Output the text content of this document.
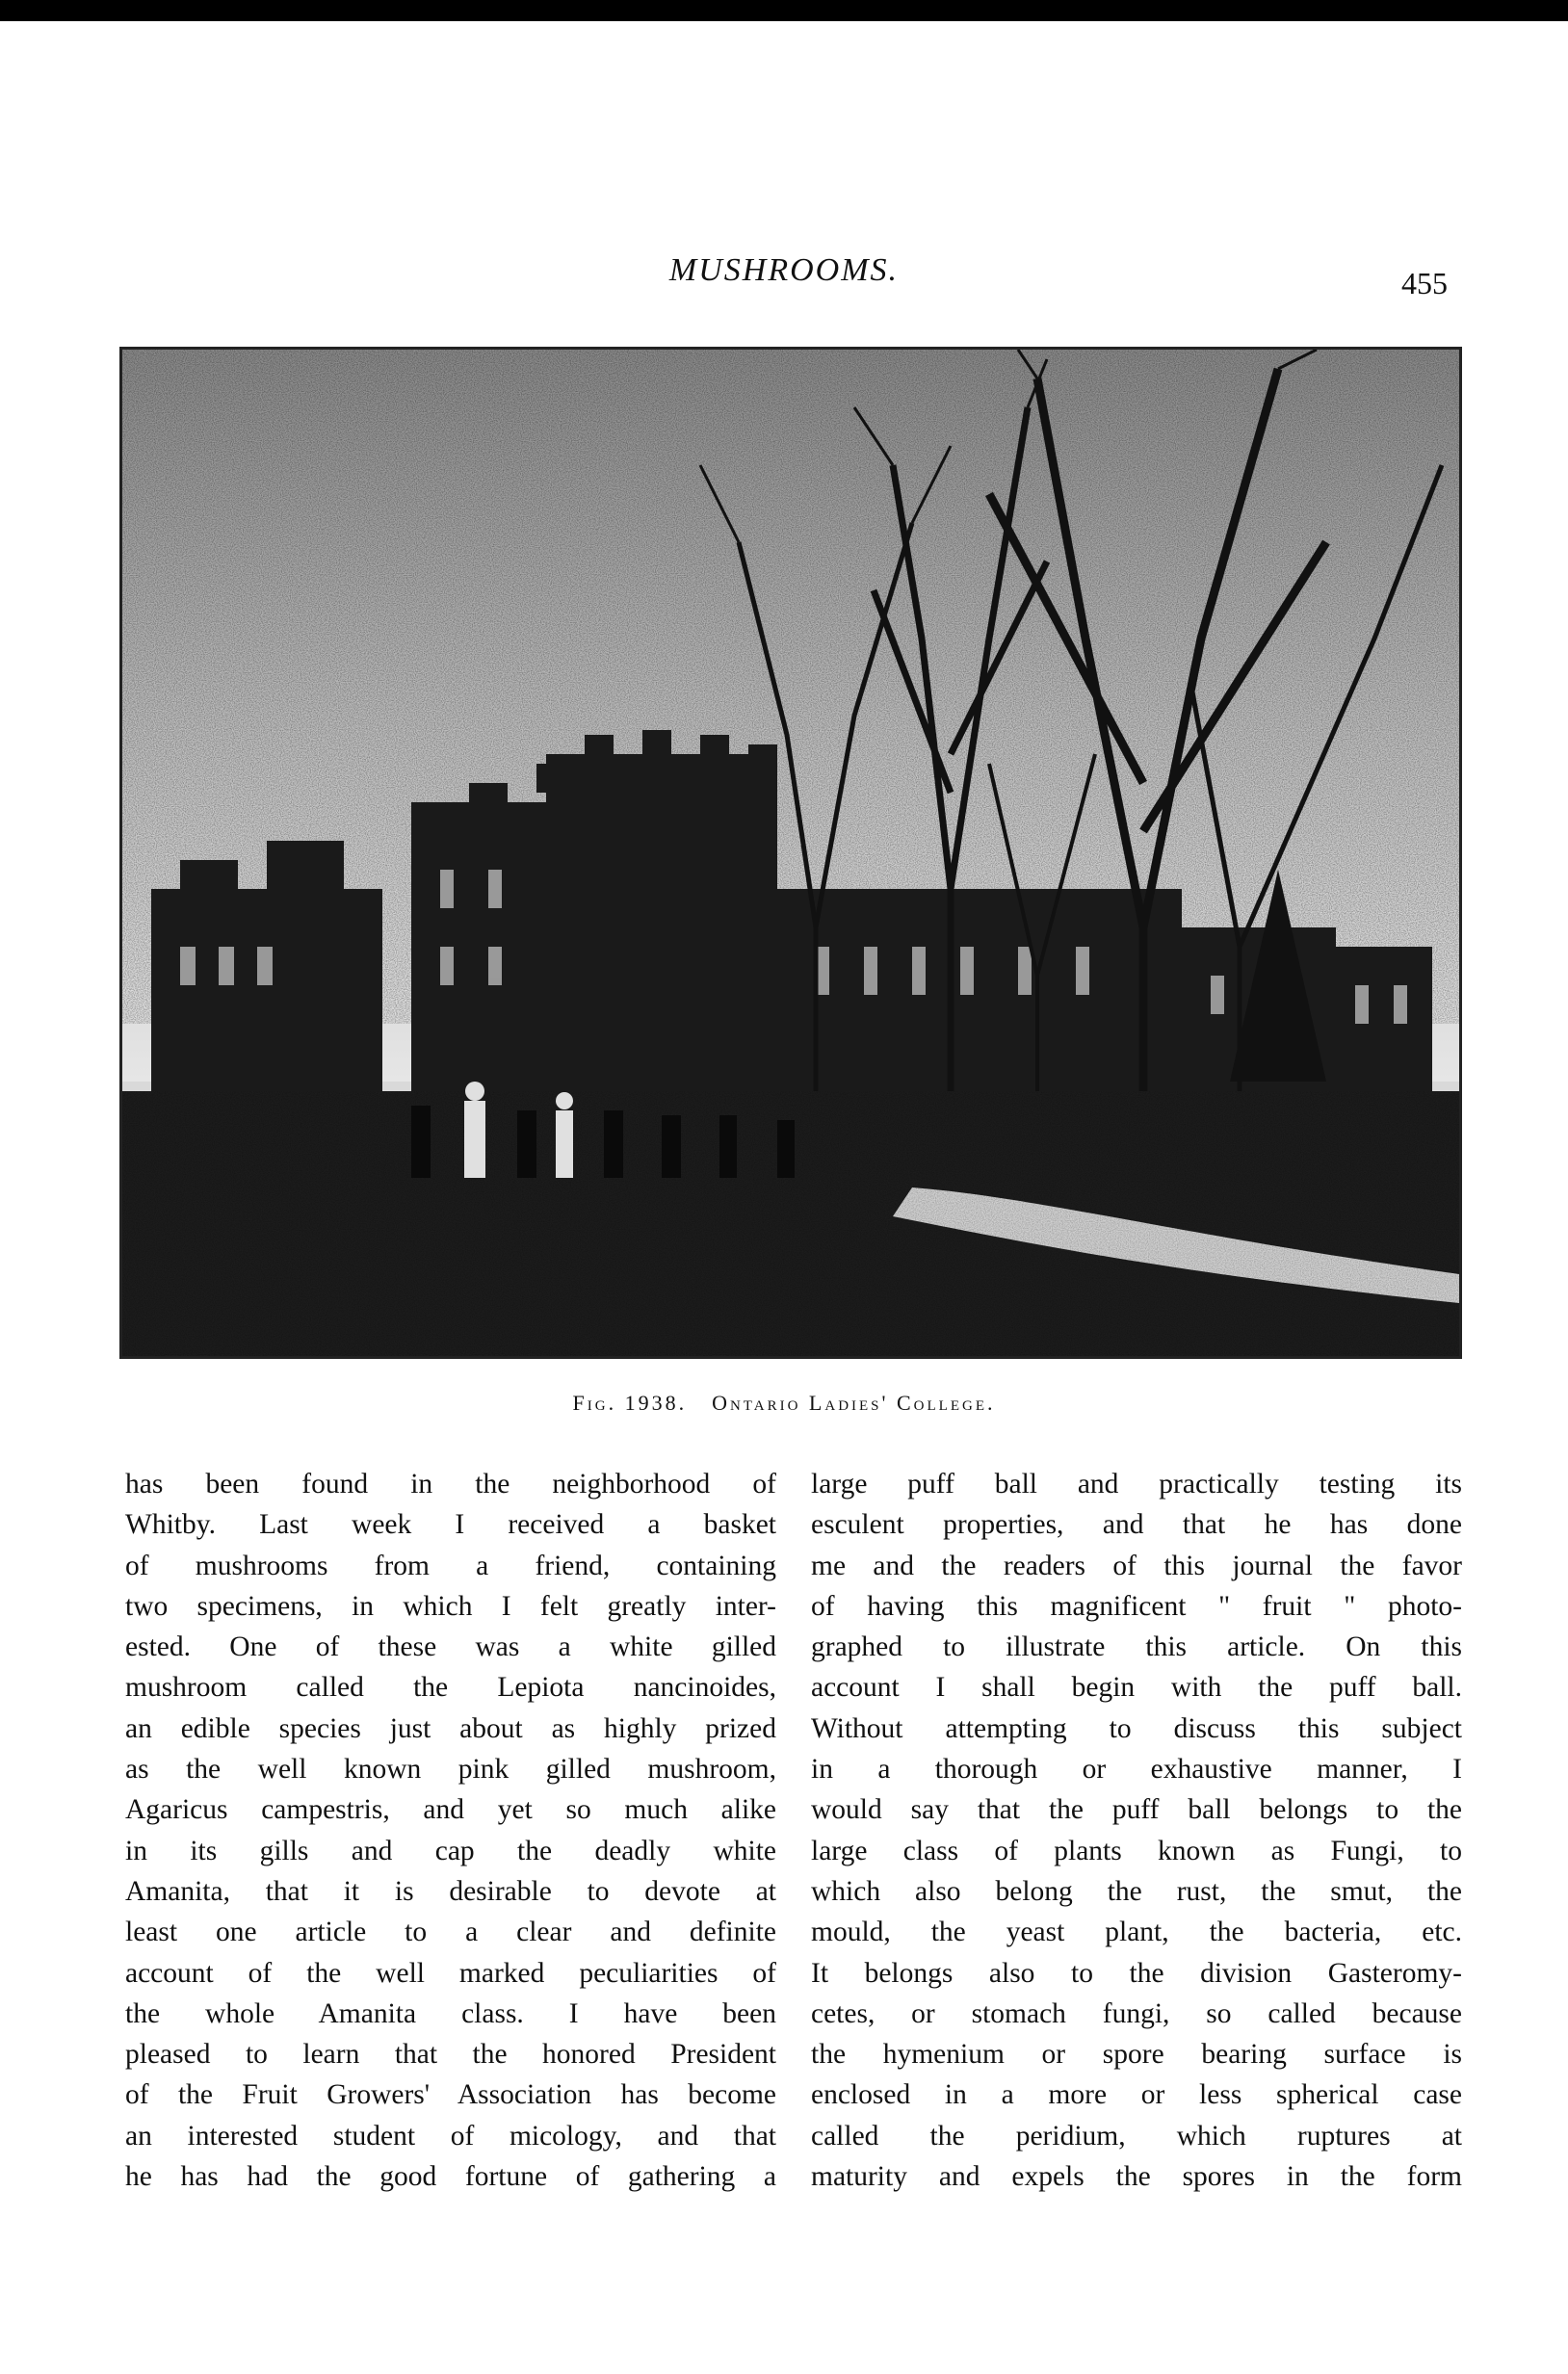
MUSHROOMS.	455
Fig. 1938. Ontario Ladies' College.
has been found in the neighborhood of
Whitby. Last week I received a basket
of mushrooms from a friend, containing
two specimens, in which I felt greatly inter-
ested. One of these was a white gilled
mushroom called the Lepiota nancinoides,
an edible species just about as highly prized
as the well known pink gilled mushroom,
Agaricus campestris, and yet so much alike
in its gills and cap the deadly white
Amanita, that it is desirable to devote at
least one article to a clear and definite
account of the well marked peculiarities of
the whole Amanita class. I have been
pleased to learn that the honored President
of the Fruit Growers' Association has become
an interested student of micology, and that
he has had the good fortune of gathering a
large puff ball and practically testing its
esculent properties, and that he has done
me and the readers of this journal the favor
of having this magnificent " fruit " photo-
graphed to illustrate this article. On this
account I shall begin with the puff ball.
Without attempting to discuss this subject
in a thorough or exhaustive manner, I
would say that the puff ball belongs to the
large class of plants known as Fungi, to
which also belong the rust, the smut, the
mould, the yeast plant, the bacteria, etc.
It belongs also to the division Gasteromy-
cetes, or stomach fungi, so called because
the hymenium or spore bearing surface is
enclosed in a more or less spherical case
called the peridium, which ruptures at
maturity and expels the spores in the form
